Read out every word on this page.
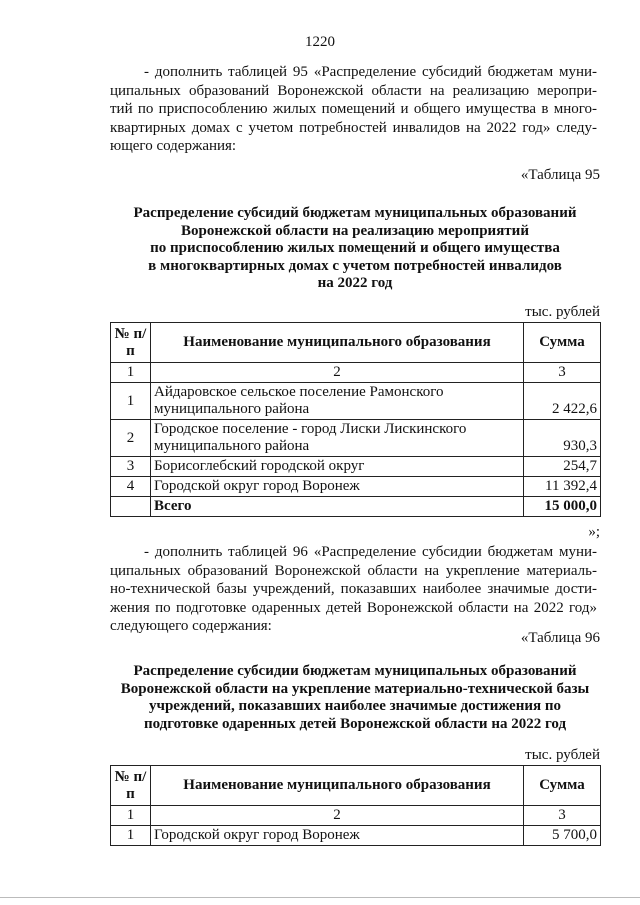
1220
- дополнить таблицей 95 «Распределение субсидий бюджетам муни-
ципальных образований Воронежской области на реализацию меропри-
тий по приспособлению жилых помещений и общего имущества в много-
квартирных домах с учетом потребностей инвалидов на 2022 год» следу-
ющего содержания:
«Таблица 95
Распределение субсидий бюджетам муниципальных образований
Воронежской области на реализацию мероприятий
по приспособлению жилых помещений и общего имущества
в многоквартирных домах с учетом потребностей инвалидов
на 2022 год
тыс. рублей
№ п/п	Наименование муниципального образования	Сумма
1	2	3
1	Айдаровское сельское поселение Рамонского муниципального района	2 422,6
2	Городское поселение - город Лиски Лискинского муниципального района	930,3
3	Борисоглебский городской округ	254,7
4	Городской округ город Воронеж	11 392,4
	Всего	15 000,0
»;
- дополнить таблицей 96 «Распределение субсидии бюджетам муни-
ципальных образований Воронежской области на укрепление материаль-
но-технической базы учреждений, показавших наиболее значимые дости-
жения по подготовке одаренных детей Воронежской области на 2022 год»
следующего содержания:
«Таблица 96
Распределение субсидии бюджетам муниципальных образований
Воронежской области на укрепление материально-технической базы
учреждений, показавших наиболее значимые достижения по
подготовке одаренных детей Воронежской области на 2022 год
тыс. рублей
№ п/п	Наименование муниципального образования	Сумма
1	2	3
1	Городской округ город Воронеж	5 700,0
